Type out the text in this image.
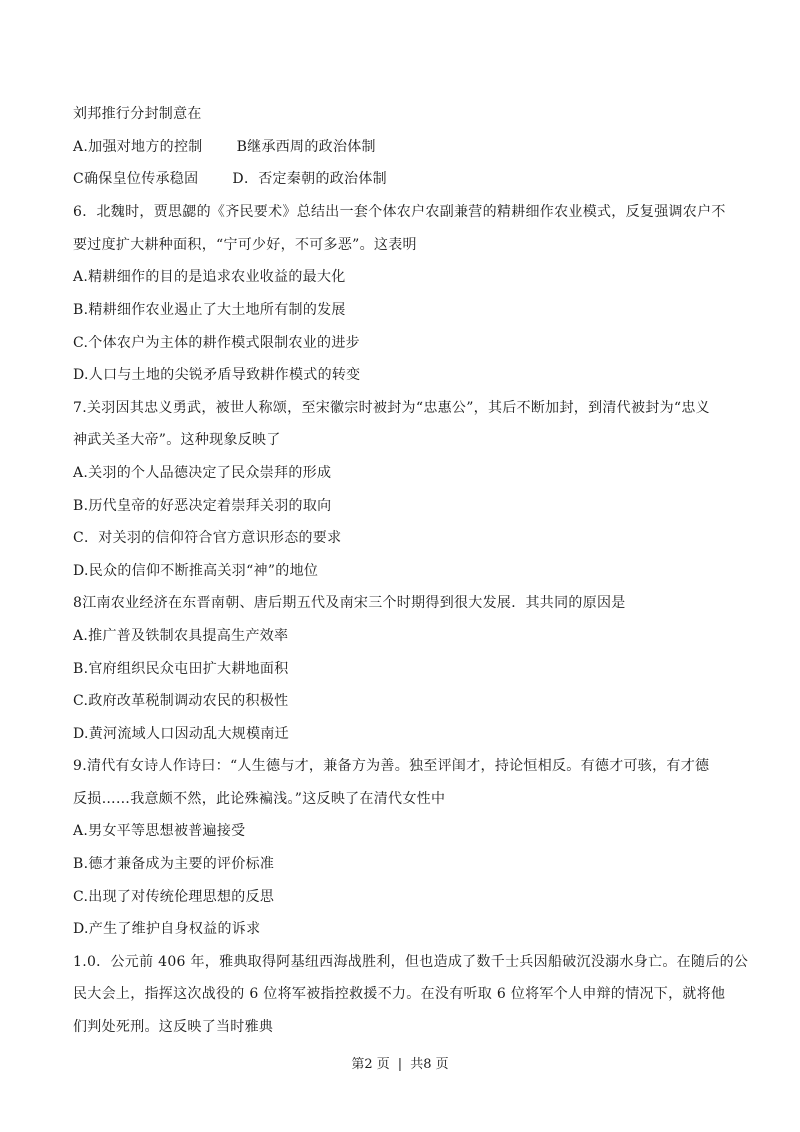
刘邦推行分封制意在
A.加强对地方的控制 B继承西周的政治体制
C确保皇位传承稳固 D．否定秦朝的政治体制
6．北魏时，贾思勰的《齐民要术》总结出一套个体农户农副兼营的精耕细作农业模式，反复强调农户不
要过度扩大耕种面积，“宁可少好，不可多恶”。这表明
A.精耕细作的目的是追求农业收益的最大化
B.精耕细作农业遏止了大土地所有制的发展
C.个体农户为主体的耕作模式限制农业的进步
D.人口与土地的尖锐矛盾导致耕作模式的转变
7.关羽因其忠义勇武，被世人称颂，至宋徽宗时被封为“忠惠公”，其后不断加封，到清代被封为“忠义
神武关圣大帝”。这种现象反映了
A.关羽的个人品德决定了民众崇拜的形成
B.历代皇帝的好恶决定着崇拜关羽的取向
C．对关羽的信仰符合官方意识形态的要求
D.民众的信仰不断推高关羽“神”的地位
8江南农业经济在东晋南朝、唐后期五代及南宋三个时期得到很大发展．其共同的原因是
A.推广普及铁制农具提高生产效率
B.官府组织民众屯田扩大耕地面积
C.政府改革税制调动农民的积极性
D.黄河流域人口因动乱大规模南迁
9.清代有女诗人作诗曰：“人生德与才，兼备方为善。独至评闺才，持论恒相反。有德才可骇，有才德
反损……我意颇不然，此论殊褊浅。”这反映了在清代女性中
A.男女平等思想被普遍接受
B.德才兼备成为主要的评价标准
C.出现了对传统伦理思想的反思
D.产生了维护自身权益的诉求
1.0．公元前 406 年，雅典取得阿基纽西海战胜利，但也造成了数千士兵因船破沉没溺水身亡。在随后的公
民大会上，指挥这次战役的 6 位将军被指控救援不力。在没有听取 6 位将军个人申辩的情况下，就将他
们判处死刑。这反映了当时雅典
第2 页 | 共8 页
